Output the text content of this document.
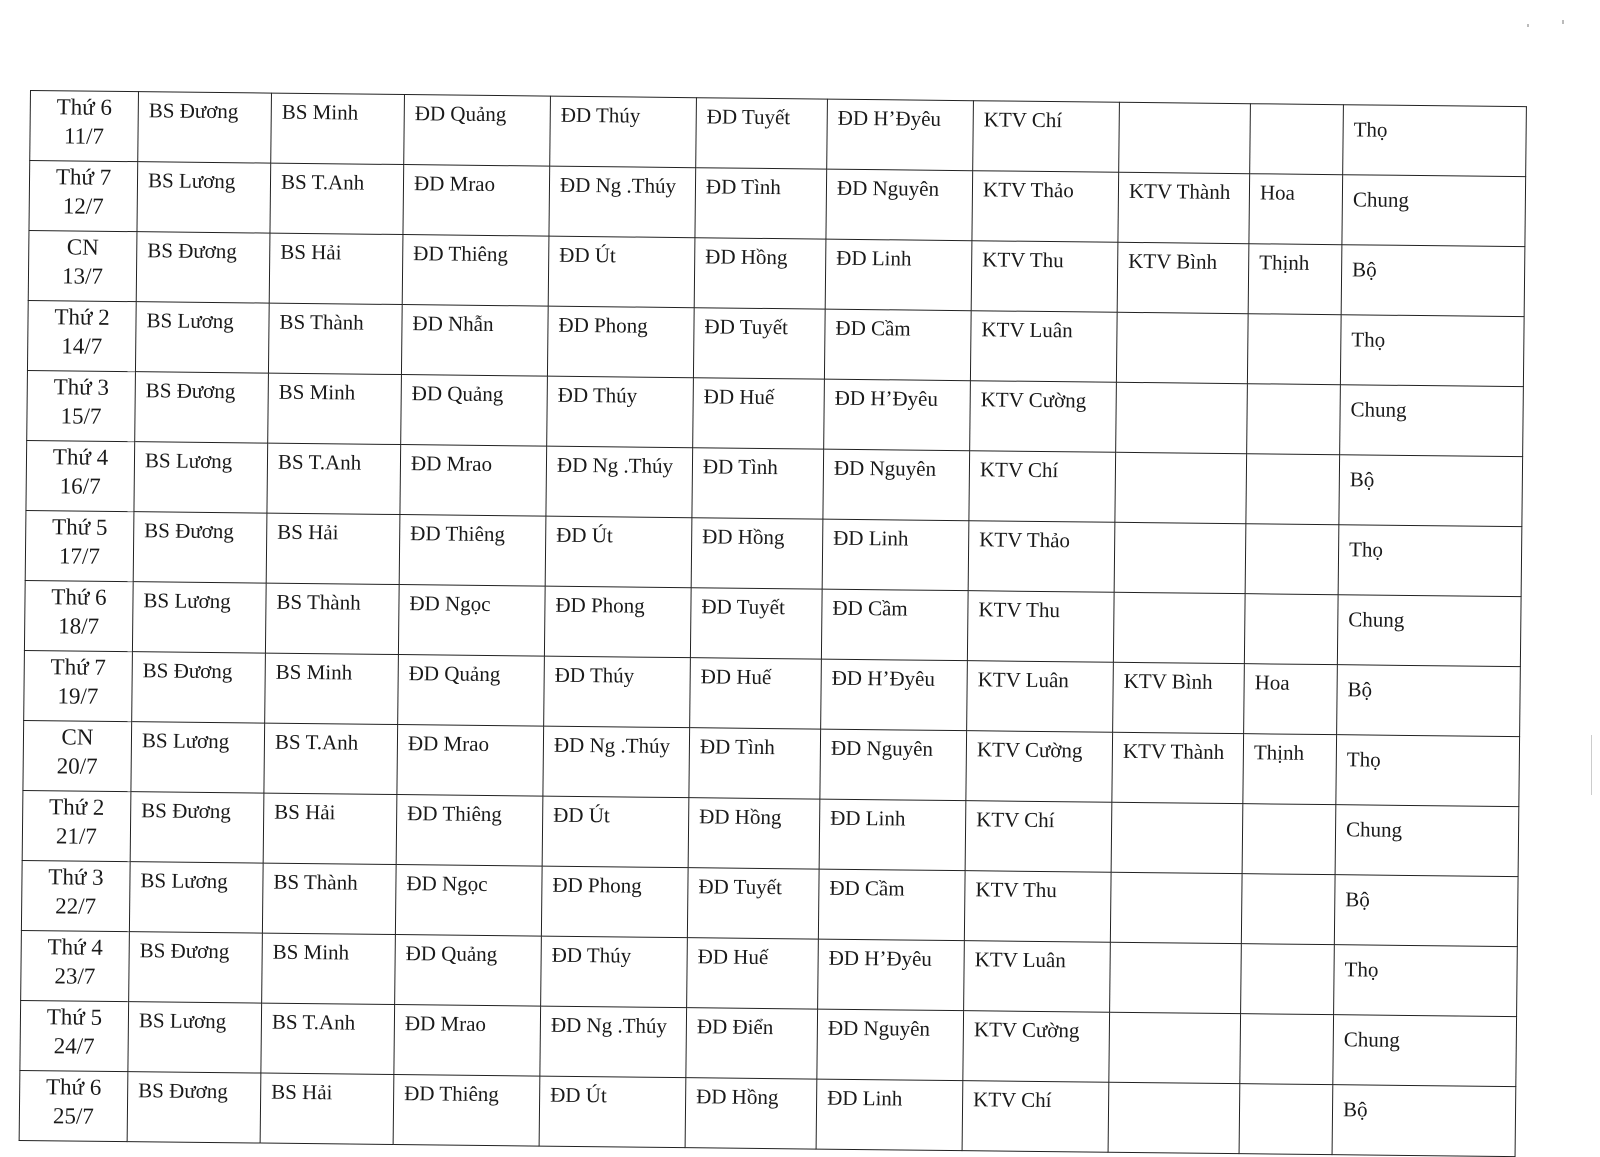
Thứ 6
11/7	BS Đương	BS Minh	ĐD Quảng	ĐD Thúy	ĐD Tuyết	ĐD H’Đyêu	KTV Chí			Thọ

Thứ 7
12/7	BS Lương	BS T.Anh	ĐD Mrao	ĐD Ng .Thúy	ĐD Tình	ĐD Nguyên	KTV Thảo	KTV Thành	Hoa	Chung

CN
13/7	BS Đương	BS Hải	ĐD Thiêng	ĐD Út	ĐD Hồng	ĐD Linh	KTV Thu	KTV Bình	Thịnh	Bộ

Thứ 2
14/7	BS Lương	BS Thành	ĐD Nhẫn	ĐD Phong	ĐD Tuyết	ĐD Cầm	KTV Luân			Thọ

Thứ 3
15/7	BS Đương	BS Minh	ĐD Quảng	ĐD Thúy	ĐD Huế	ĐD H’Đyêu	KTV Cường			Chung

Thứ 4
16/7	BS Lương	BS T.Anh	ĐD Mrao	ĐD Ng .Thúy	ĐD Tình	ĐD Nguyên	KTV Chí			Bộ

Thứ 5
17/7	BS Đương	BS Hải	ĐD Thiêng	ĐD Út	ĐD Hồng	ĐD Linh	KTV Thảo			Thọ

Thứ 6
18/7	BS Lương	BS Thành	ĐD Ngọc	ĐD Phong	ĐD Tuyết	ĐD Cầm	KTV Thu			Chung

Thứ 7
19/7	BS Đương	BS Minh	ĐD Quảng	ĐD Thúy	ĐD Huế	ĐD H’Đyêu	KTV Luân	KTV Bình	Hoa	Bộ

CN
20/7	BS Lương	BS T.Anh	ĐD Mrao	ĐD Ng .Thúy	ĐD Tình	ĐD Nguyên	KTV Cường	KTV Thành	Thịnh	Thọ

Thứ 2
21/7	BS Đương	BS Hải	ĐD Thiêng	ĐD Út	ĐD Hồng	ĐD Linh	KTV Chí			Chung

Thứ 3
22/7	BS Lương	BS Thành	ĐD Ngọc	ĐD Phong	ĐD Tuyết	ĐD Cầm	KTV Thu			Bộ

Thứ 4
23/7	BS Đương	BS Minh	ĐD Quảng	ĐD Thúy	ĐD Huế	ĐD H’Đyêu	KTV Luân			Thọ

Thứ 5
24/7	BS Lương	BS T.Anh	ĐD Mrao	ĐD Ng .Thúy	ĐD Điển	ĐD Nguyên	KTV Cường			Chung

Thứ 6
25/7	BS Đương	BS Hải	ĐD Thiêng	ĐD Út	ĐD Hồng	ĐD Linh	KTV Chí			Bộ
